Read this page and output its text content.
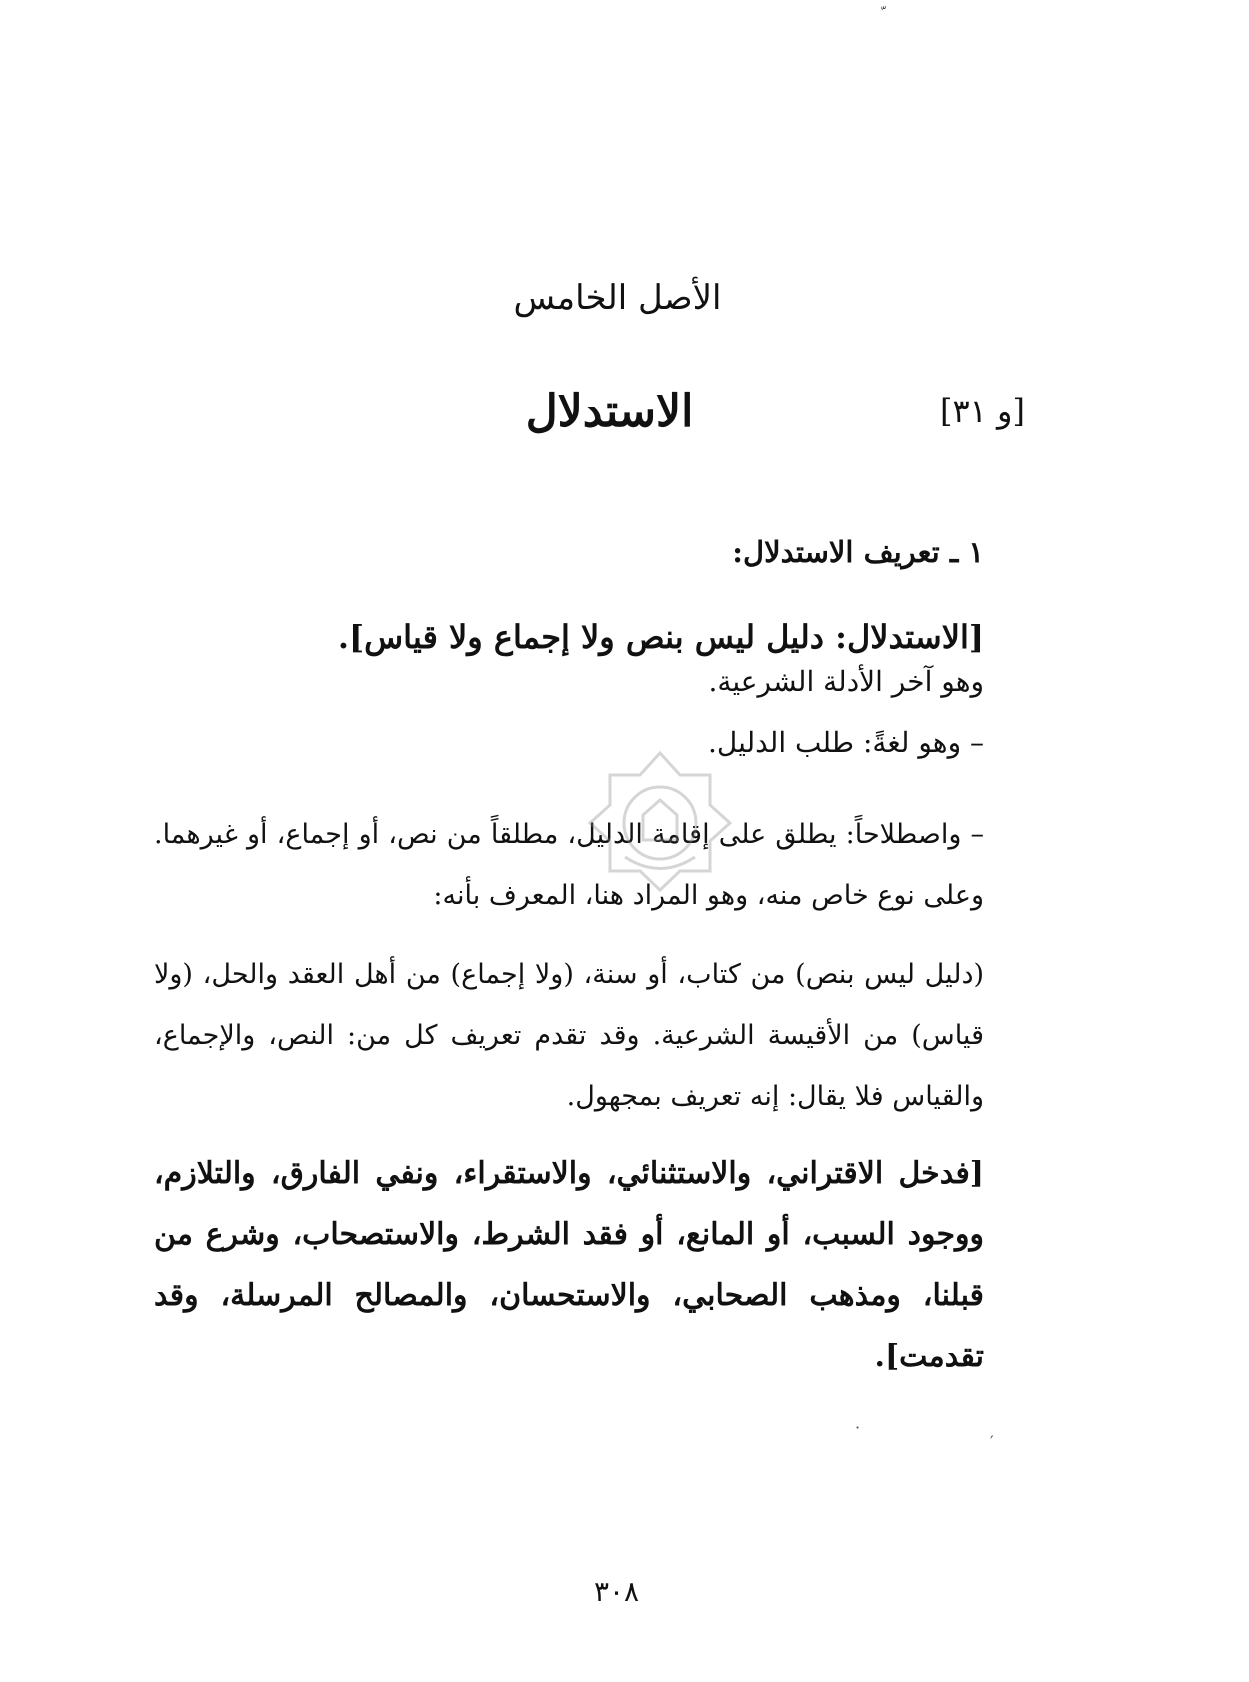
الأصل الخامس
[و ٣١]
الاستدلال
١ ـ تعريف الاستدلال:
[الاستدلال: دليل ليس بنص ولا إجماع ولا قياس].
وهو آخر الأدلة الشرعية.
– وهو لغةً: طلب الدليل.
– واصطلاحاً: يطلق على إقامة الدليل، مطلقاً من نص، أو إجماع، أو غيرهما. وعلى نوع خاص منه، وهو المراد هنا، المعرف بأنه:
(دليل ليس بنص) من كتاب، أو سنة، (ولا إجماع) من أهل العقد والحل، (ولا قياس) من الأقيسة الشرعية. وقد تقدم تعريف كل من: النص، والإجماع، والقياس فلا يقال: إنه تعريف بمجهول.
[فدخل الاقتراني، والاستثنائي، والاستقراء، ونفي الفارق، والتلازم، ووجود السبب، أو المانع، أو فقد الشرط، والاستصحاب، وشرع من قبلنا، ومذهب الصحابي، والاستحسان، والمصالح المرسلة، وقد تقدمت].
·
′
٣٠٨
